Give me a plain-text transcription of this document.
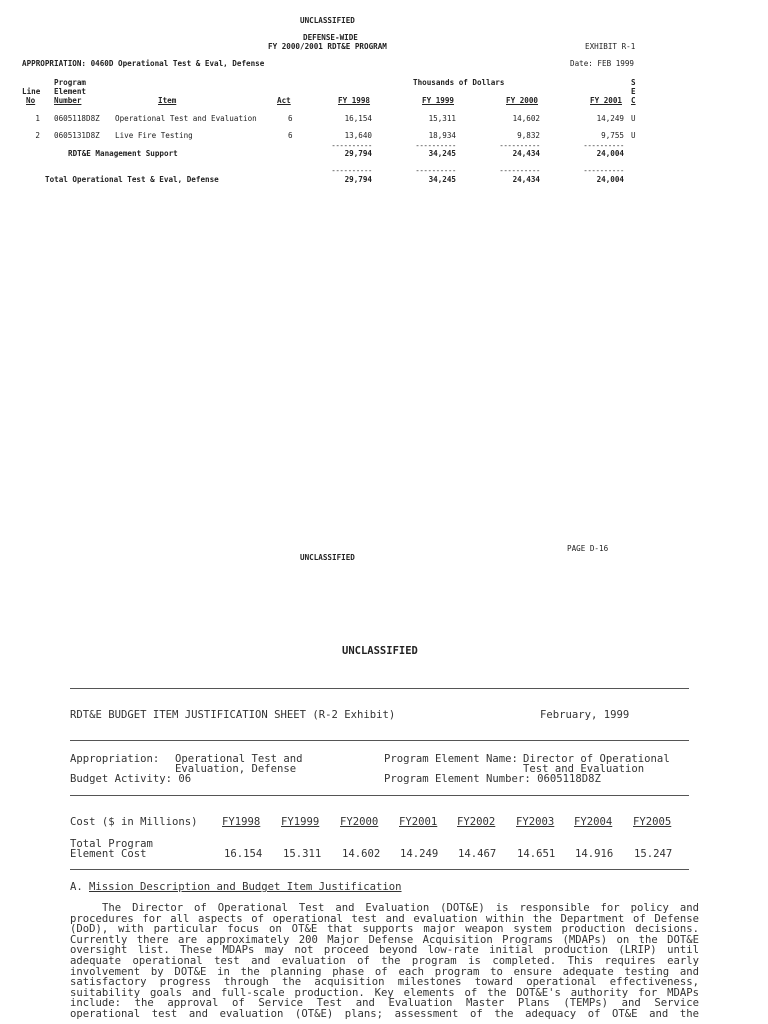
UNCLASSIFIED
DEFENSE-WIDE
FY 2000/2001 RDT&E PROGRAM	EXHIBIT R-1
APPROPRIATION: 0460D Operational Test & Eval, Defense	Date: FEB 1999
Program	Thousands of Dollars	S
Line Element	E
No Number	Item	Act	FY 1998	FY 1999	FY 2000	FY 2001 C
1 0605118D8Z Operational Test and Evaluation	6	16,154	15,311	14,602	14,249 U
2 0605131D8Z Live Fire Testing	6	13,640	18,934	9,832	9,755 U
----------	----------	----------	----------
RDT&E Management Support	29,794	34,245	24,434	24,004
----------	----------	----------	----------
Total Operational Test & Eval, Defense	29,794	34,245	24,434	24,004
PAGE D-16
UNCLASSIFIED
UNCLASSIFIED
RDT&E BUDGET ITEM JUSTIFICATION SHEET (R-2 Exhibit)	February, 1999
Appropriation: Operational Test and
Evaluation, Defense
Budget Activity: 06
Program Element Name: Director of Operational
Test and Evaluation
Program Element Number: 0605118D8Z
Cost ($ in Millions) FY1998 FY1999 FY2000 FY2001 FY2002 FY2003 FY2004 FY2005
Total Program
Element Cost	16.154 15.311 14.602 14.249 14.467 14.651 14.916 15.247
A. Mission Description and Budget Item Justification
The Director of Operational Test and Evaluation (DOT&E) is responsible for policy and
procedures for all aspects of operational test and evaluation within the Department of Defense
(DoD), with particular focus on OT&E that supports major weapon system production decisions.
Currently there are approximately 200 Major Defense Acquisition Programs (MDAPs) on the DOT&E
oversight list. These MDAPs may not proceed beyond low-rate initial production (LRIP) until
adequate operational test and evaluation of the program is completed. This requires early
involvement by DOT&E in the planning phase of each program to ensure adequate testing and
satisfactory progress through the acquisition milestones toward operational effectiveness,
suitability goals and full-scale production. Key elements of the DOT&E's authority for MDAPs
include: the approval of Service Test and Evaluation Master Plans (TEMPs) and Service
operational test and evaluation (OT&E) plans; assessment of the adequacy of OT&E and the
